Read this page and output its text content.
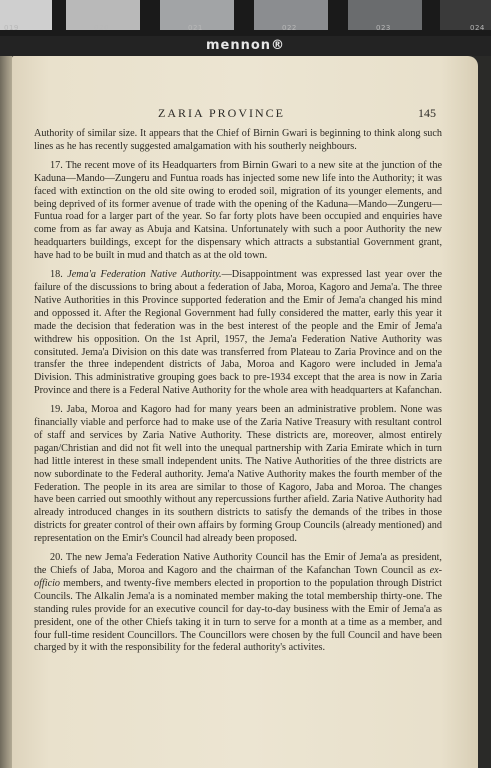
019	020	021	022	023	024
mennon®
ZARIA PROVINCE	145

Authority of similar size. It appears that the Chief of Birnin Gwari is beginning to think along such lines as he has recently suggested amalgamation with his southerly neighbours.

17. The recent move of its Headquarters from Birnin Gwari to a new site at the junction of the Kaduna—Mando—Zungeru and Funtua roads has injected some new life into the Authority; it was faced with extinction on the old site owing to eroded soil, migration of its younger elements, and being deprived of its former avenue of trade with the opening of the Kaduna—Mando—Zungeru—Funtua road for a larger part of the year. So far forty plots have been occupied and enquiries have come from as far away as Abuja and Katsina. Unfortunately with such a poor Authority the new headquarters buildings, except for the dispensary which attracts a substantial Government grant, have had to be built in mud and thatch as at the old town.

18. Jema'a Federation Native Authority.—Disappointment was expressed last year over the failure of the discussions to bring about a federation of Jaba, Moroa, Kagoro and Jema'a. The three Native Authorities in this Province supported federation and the Emir of Jema'a changed his mind and oppossed it. After the Regional Government had fully considered the matter, early this year it made the decision that federation was in the best interest of the people and the Emir of Jema'a withdrew his opposition. On the 1st April, 1957, the Jema'a Federation Native Authority was consituted. Jema'a Division on this date was transferred from Plateau to Zaria Province and on the transfer the three independent districts of Jaba, Moroa and Kagoro were included in Jema'a Division. This administrative grouping goes back to pre-1934 except that the area is now in Zaria Province and there is a Federal Native Authority for the whole area with headquarters at Kafanchan.

19. Jaba, Moroa and Kagoro had for many years been an administrative problem. None was financially viable and perforce had to make use of the Zaria Native Treasury with resultant control of staff and services by Zaria Native Authority. These districts are, moreover, almost entirely pagan/Christian and did not fit well into the unequal partnership with Zaria Emirate which in turn had little interest in these small independent units. The Native Authorities of the three districts are now subordinate to the Federal authority. Jema'a Native Authority makes the fourth member of the Federation. The people in its area are similar to those of Kagoro, Jaba and Moroa. The changes have been carried out smoothly without any repercussions further afield. Zaria Native Authority had already introduced changes in its southern districts to satisfy the demands of the tribes in those districts for greater control of their own affairs by forming Group Councils (already mentioned) and representation on the Emir's Council had already been proposed.

20. The new Jema'a Federation Native Authority Council has the Emir of Jema'a as president, the Chiefs of Jaba, Moroa and Kagoro and the chairman of the Kafanchan Town Council as ex-officio members, and twenty-five members elected in proportion to the population through District Councils. The Alkalin Jema'a is a nominated member making the total membership thirty-one. The standing rules provide for an executive council for day-to-day business with the Emir of Jema'a as president, one of the other Chiefs taking it in turn to serve for a month at a time as a member, and four full-time resident Councillors. The Councillors were chosen by the full Council and have been charged by it with the responsibility for the federal authority's activites.
